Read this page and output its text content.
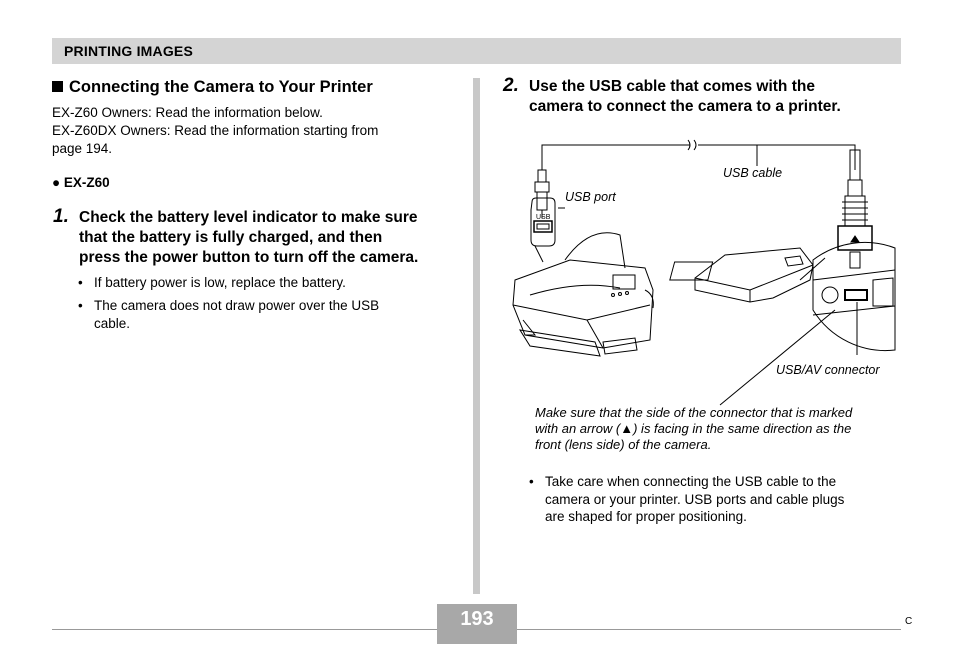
PRINTING IMAGES
Connecting the Camera to Your Printer
EX-Z60 Owners: Read the information below.
EX-Z60DX Owners: Read the information starting from
page 194.
● EX-Z60
1. Check the battery level indicator to make sure
that the battery is fully charged, and then
press the power button to turn off the camera.
• If battery power is low, replace the battery.
• The camera does not draw power over the USB
cable.
2. Use the USB cable that comes with the
camera to connect the camera to a printer.
USB
USB cable
USB port
USB/AV connector
Make sure that the side of the connector that is marked
with an arrow (▲) is facing in the same direction as the
front (lens side) of the camera.
• Take care when connecting the USB cable to the
camera or your printer. USB ports and cable plugs
are shaped for proper positioning.
193	C
